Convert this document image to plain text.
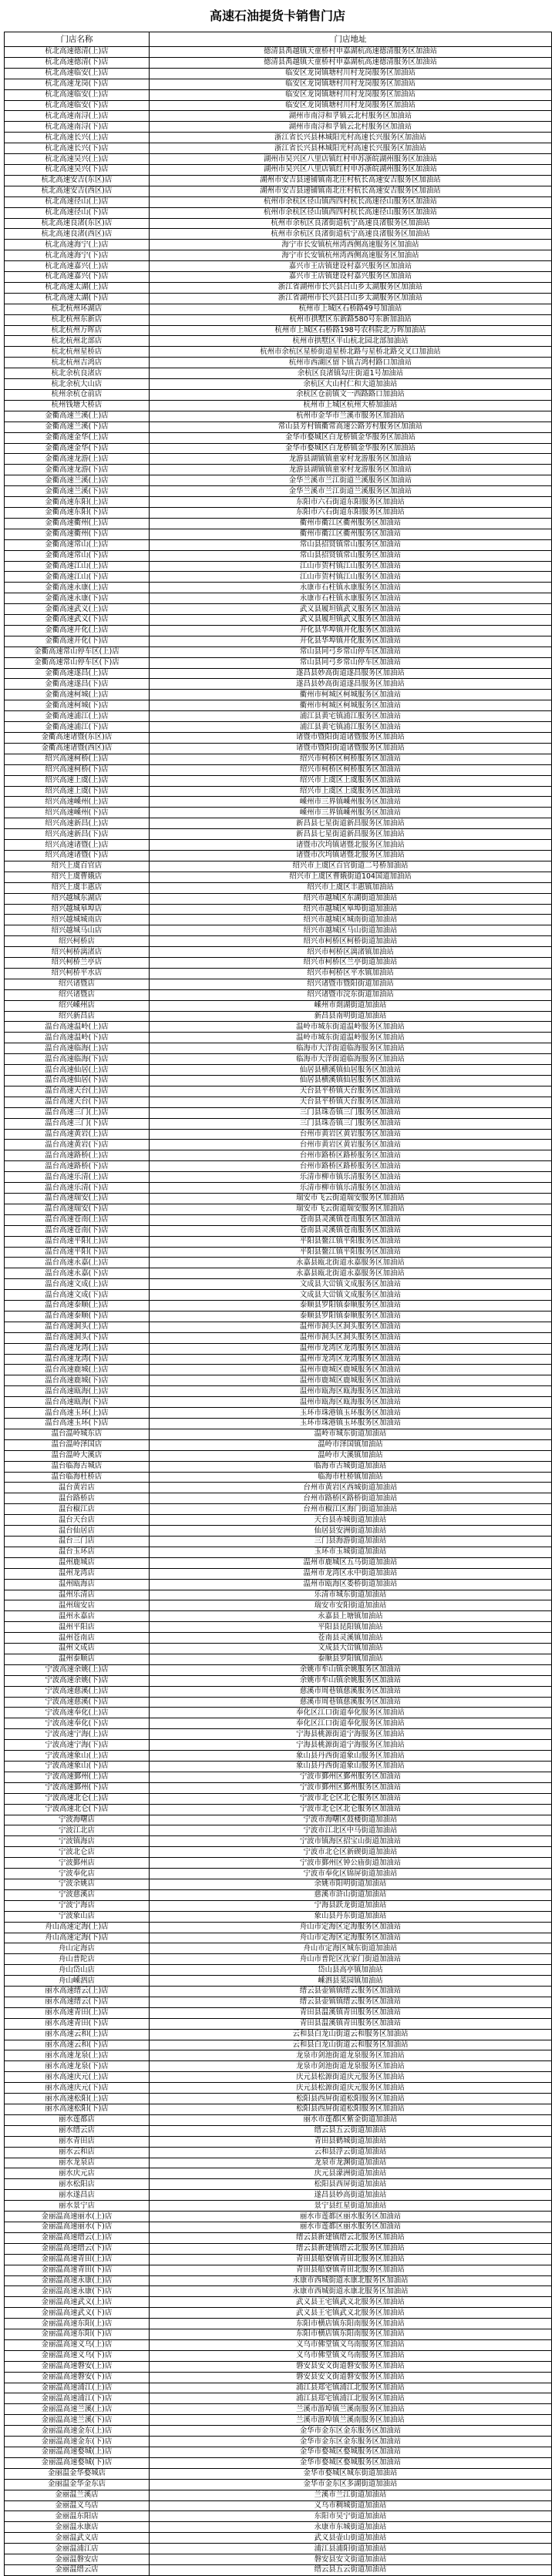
高速石油提货卡销售门店
门店名称	门店地址
杭北高速德清(上)店	德清县禹越镇天童桥村申嘉湖杭高速德清服务区加油站
杭北高速德清(下)店	德清县禹越镇天童桥村申嘉湖杭高速德清服务区加油站
杭北高速临安(上)店	临安区龙岗镇塘村川村龙岗服务区加油站
杭北高速龙岗(下)店	临安区龙岗镇塘村川村龙岗服务区加油站
杭北高速临安(上)店	临安区龙岗镇塘村川村龙岗服务区加油站
杭北高速临安(下)店	临安区龙岗镇塘村川村龙岗服务区加油站
杭北高速南浔(上)店	湖州市南浔和孚镇云北村服务区加油站
杭北高速南浔(下)店	湖州市南浔和孚镇云北村服务区加油站
杭北高速长兴(上)店	浙江省长兴县林城阳光村高速长兴服务区加油站
杭北高速长兴(下)店	浙江省长兴县林城阳光村高速长兴服务区加油站
杭北高速吴兴(上)店	湖州市吴兴区八里店镇红村申苏浙皖湖州服务区加油站
杭北高速吴兴(下)店	湖州市吴兴区八里店镇红村申苏浙皖湖州服务区加油站
杭北高速安吉(东区)店	湖州市安吉县递铺镇南北庄村杭长高速安吉服务区加油站
杭北高速安吉(西区)店	湖州市安吉县递铺镇南北庄村杭长高速安吉服务区加油站
杭北高速径山(上)店	杭州市余杭区径山镇西四村杭长高速径山服务区加油站
杭北高速径山(下)店	杭州市余杭区径山镇西四村杭长高速径山服务区加油站
杭北高速良渚(东区)店	杭州市余杭区良渚街道杭宁高速良渚服务区加油站
杭北高速良渚(西区)店	杭州市余杭区良渚街道杭宁高速良渚服务区加油站
杭北高速海宁(上)店	海宁市长安镇杭州湾西侧高速服务区加油站
杭北高速海宁(下)店	海宁市长安镇杭州湾西侧高速服务区加油站
杭北高速嘉兴(上)店	嘉兴市王店镇建设村嘉兴服务区加油站
杭北高速嘉兴(下)店	嘉兴市王店镇建设村嘉兴服务区加油站
杭北高速太湖(上)店	浙江省湖州市长兴县吕山乡太湖服务区加油站
杭北高速太湖(下)店	浙江省湖州市长兴县吕山乡太湖服务区加油站
杭北杭州环湖店	杭州市上城区石桥路49号加油站
杭北杭州东新店	杭州市拱墅区东新路580号东新加油站
杭北杭州万晖店	杭州市上城区石桥路198号农科院北万晖加油站
杭北杭州北部店	杭州市拱墅区半山杭北园北部加油站
杭北杭州星桥店	杭州市余杭区星桥街道星桥北路与星桥北路交叉口加油站
杭北杭州吉鸿店	杭州市西湖区留下镇吉鸿村路口加油站
杭北余杭良渚店	余杭区良渚镇勾庄街道1号加油站
杭北余杭大山店	余杭区大山村仁和大道加油站
杭州余杭仓前店	余杭区仓前镇文一西路路口加油站
杭州钱塘大桥店	杭州市上城区杭州大桥加油站
金衢高速兰溪(上)店	杭州市金华市兰溪市服务区加油站
金衢高速兰溪(下)店	常山县芳村镇衢常高速公路芳村服务区加油站
金衢高速金华(上)店	金华市婺城区白龙桥镇金华服务区加油站
金衢高速金华(下)店	金华市婺城区白龙桥镇金华服务区加油站
金衢高速龙游(上)店	龙游县湖镇镇童家村龙游服务区加油站
金衢高速龙游(下)店	龙游县湖镇镇童家村龙游服务区加油站
金衢高速兰溪(上)店	金华兰溪市兰江街道兰溪服务区加油站
金衢高速兰溪(下)店	金华兰溪市兰江街道兰溪服务区加油站
金衢高速东阳(上)店	东阳市六石街道东阳服务区加油站
金衢高速东阳(下)店	东阳市六石街道东阳服务区加油站
金衢高速衢州(上)店	衢州市衢江区衢州服务区加油站
金衢高速衢州(下)店	衢州市衢江区衢州服务区加油站
金衢高速常山(上)店	常山县招贤镇常山服务区加油站
金衢高速常山(下)店	常山县招贤镇常山服务区加油站
金衢高速江山(上)店	江山市贺村镇江山服务区加油站
金衢高速江山(下)店	江山市贺村镇江山服务区加油站
金衢高速永康(上)店	永康市石柱镇永康服务区加油站
金衢高速永康(下)店	永康市石柱镇永康服务区加油站
金衢高速武义(上)店	武义县履坦镇武义服务区加油站
金衢高速武义(下)店	武义县履坦镇武义服务区加油站
金衢高速开化(上)店	开化县华埠镇开化服务区加油站
金衢高速开化(下)店	开化县华埠镇开化服务区加油站
金衢高速常山停车区(上)店	常山县同弓乡常山停车区加油站
金衢高速常山停车区(下)店	常山县同弓乡常山停车区加油站
金衢高速遂昌(上)店	遂昌县妙高街道遂昌服务区加油站
金衢高速遂昌(下)店	遂昌县妙高街道遂昌服务区加油站
金衢高速柯城(上)店	衢州市柯城区柯城服务区加油站
金衢高速柯城(下)店	衢州市柯城区柯城服务区加油站
金衢高速浦江(上)店	浦江县黄宅镇浦江服务区加油站
金衢高速浦江(下)店	浦江县黄宅镇浦江服务区加油站
金衢高速诸暨(东区)店	诸暨市暨阳街道诸暨服务区加油站
金衢高速诸暨(西区)店	诸暨市暨阳街道诸暨服务区加油站
绍兴高速柯桥(上)店	绍兴市柯桥区柯桥服务区加油站
绍兴高速柯桥(下)店	绍兴市柯桥区柯桥服务区加油站
绍兴高速上虞(上)店	绍兴市上虞区上虞服务区加油站
绍兴高速上虞(下)店	绍兴市上虞区上虞服务区加油站
绍兴高速嵊州(上)店	嵊州市三界镇嵊州服务区加油站
绍兴高速嵊州(下)店	嵊州市三界镇嵊州服务区加油站
绍兴高速新昌(上)店	新昌县七星街道新昌服务区加油站
绍兴高速新昌(下)店	新昌县七星街道新昌服务区加油站
绍兴高速诸暨(上)店	诸暨市次坞镇诸暨北服务区加油站
绍兴高速诸暨(下)店	诸暨市次坞镇诸暨北服务区加油站
绍兴上虞百官店	绍兴市上虞区百官街道二号桥加油站
绍兴上虞曹娥店	绍兴市上虞区曹娥街道104国道加油站
绍兴上虞丰惠店	绍兴市上虞区丰惠镇加油站
绍兴越城东湖店	绍兴市越城区东湖街道加油站
绍兴越城皋埠店	绍兴市越城区皋埠街道加油站
绍兴越城城南店	绍兴市越城区城南街道加油站
绍兴越城马山店	绍兴市越城区马山街道加油站
绍兴柯桥店	绍兴市柯桥区柯桥街道加油站
绍兴柯桥漓渚店	绍兴市柯桥区漓渚镇加油站
绍兴柯桥兰亭店	绍兴市柯桥区兰亭街道加油站
绍兴柯桥平水店	绍兴市柯桥区平水镇加油站
绍兴诸暨店	绍兴诸暨市暨阳街道加油站
绍兴诸暨店	绍兴诸暨市浣东街道加油站
绍兴嵊州店	嵊州市剡湖街道加油站
绍兴新昌店	新昌县南明街道加油站
温台高速温岭(上)店	温岭市城东街道温岭服务区加油站
温台高速温岭(下)店	温岭市城东街道温岭服务区加油站
温台高速临海(上)店	临海市大洋街道临海服务区加油站
温台高速临海(下)店	临海市大洋街道临海服务区加油站
温台高速仙居(上)店	仙居县横溪镇仙居服务区加油站
温台高速仙居(下)店	仙居县横溪镇仙居服务区加油站
温台高速天台(上)店	天台县平桥镇天台服务区加油站
温台高速天台(下)店	天台县平桥镇天台服务区加油站
温台高速三门(上)店	三门县珠岙镇三门服务区加油站
温台高速三门(下)店	三门县珠岙镇三门服务区加油站
温台高速黄岩(上)店	台州市黄岩区黄岩服务区加油站
温台高速黄岩(下)店	台州市黄岩区黄岩服务区加油站
温台高速路桥(上)店	台州市路桥区路桥服务区加油站
温台高速路桥(下)店	台州市路桥区路桥服务区加油站
温台高速乐清(上)店	乐清市柳市镇乐清服务区加油站
温台高速乐清(下)店	乐清市柳市镇乐清服务区加油站
温台高速瑞安(上)店	瑞安市飞云街道瑞安服务区加油站
温台高速瑞安(下)店	瑞安市飞云街道瑞安服务区加油站
温台高速苍南(上)店	苍南县灵溪镇苍南服务区加油站
温台高速苍南(下)店	苍南县灵溪镇苍南服务区加油站
温台高速平阳(上)店	平阳县鳌江镇平阳服务区加油站
温台高速平阳(下)店	平阳县鳌江镇平阳服务区加油站
温台高速永嘉(上)店	永嘉县瓯北街道永嘉服务区加油站
温台高速永嘉(下)店	永嘉县瓯北街道永嘉服务区加油站
温台高速文成(上)店	文成县大峃镇文成服务区加油站
温台高速文成(下)店	文成县大峃镇文成服务区加油站
温台高速泰顺(上)店	泰顺县罗阳镇泰顺服务区加油站
温台高速泰顺(下)店	泰顺县罗阳镇泰顺服务区加油站
温台高速洞头(上)店	温州市洞头区洞头服务区加油站
温台高速洞头(下)店	温州市洞头区洞头服务区加油站
温台高速龙湾(上)店	温州市龙湾区龙湾服务区加油站
温台高速龙湾(下)店	温州市龙湾区龙湾服务区加油站
温台高速鹿城(上)店	温州市鹿城区鹿城服务区加油站
温台高速鹿城(下)店	温州市鹿城区鹿城服务区加油站
温台高速瓯海(上)店	温州市瓯海区瓯海服务区加油站
温台高速瓯海(下)店	温州市瓯海区瓯海服务区加油站
温台高速玉环(上)店	玉环市珠港镇玉环服务区加油站
温台高速玉环(下)店	玉环市珠港镇玉环服务区加油站
温台温岭城东店	温岭市城东街道加油站
温台温岭泽国店	温岭市泽国镇加油站
温台温岭大溪店	温岭市大溪镇加油站
温台临海古城店	临海市古城街道加油站
温台临海杜桥店	临海市杜桥镇加油站
温台黄岩店	台州市黄岩区西城街道加油站
温台路桥店	台州市路桥区路桥街道加油站
温台椒江店	台州市椒江区海门街道加油站
温台天台店	天台县赤城街道加油站
温台仙居店	仙居县安洲街道加油站
温台三门店	三门县海游街道加油站
温台玉环店	玉环市玉城街道加油站
温州鹿城店	温州市鹿城区五马街道加油站
温州龙湾店	温州市龙湾区永中街道加油站
温州瓯海店	温州市瓯海区娄桥街道加油站
温州乐清店	乐清市城东街道加油站
温州瑞安店	瑞安市安阳街道加油站
温州永嘉店	永嘉县上塘镇加油站
温州平阳店	平阳县昆阳镇加油站
温州苍南店	苍南县灵溪镇加油站
温州文成店	文成县大峃镇加油站
温州泰顺店	泰顺县罗阳镇加油站
宁波高速余姚(上)店	余姚市牟山镇余姚服务区加油站
宁波高速余姚(下)店	余姚市牟山镇余姚服务区加油站
宁波高速慈溪(上)店	慈溪市周巷镇慈溪服务区加油站
宁波高速慈溪(下)店	慈溪市周巷镇慈溪服务区加油站
宁波高速奉化(上)店	奉化区江口街道奉化服务区加油站
宁波高速奉化(下)店	奉化区江口街道奉化服务区加油站
宁波高速宁海(上)店	宁海县桃源街道宁海服务区加油站
宁波高速宁海(下)店	宁海县桃源街道宁海服务区加油站
宁波高速象山(上)店	象山县丹西街道象山服务区加油站
宁波高速象山(下)店	象山县丹西街道象山服务区加油站
宁波高速鄞州(上)店	宁波市鄞州区鄞州服务区加油站
宁波高速鄞州(下)店	宁波市鄞州区鄞州服务区加油站
宁波高速北仑(上)店	宁波市北仑区北仑服务区加油站
宁波高速北仑(下)店	宁波市北仑区北仑服务区加油站
宁波海曙店	宁波市海曙区鼓楼街道加油站
宁波江北店	宁波市江北区中马街道加油站
宁波镇海店	宁波市镇海区招宝山街道加油站
宁波北仑店	宁波市北仑区新碶街道加油站
宁波鄞州店	宁波市鄞州区钟公庙街道加油站
宁波奉化店	宁波市奉化区锦屏街道加油站
宁波余姚店	余姚市阳明街道加油站
宁波慈溪店	慈溪市浒山街道加油站
宁波宁海店	宁海县跃龙街道加油站
宁波象山店	象山县丹东街道加油站
舟山高速定海(上)店	舟山市定海区定海服务区加油站
舟山高速定海(下)店	舟山市定海区定海服务区加油站
舟山定海店	舟山市定海区城东街道加油站
舟山普陀店	舟山市普陀区沈家门街道加油站
舟山岱山店	岱山县高亭镇加油站
舟山嵊泗店	嵊泗县菜园镇加油站
丽水高速缙云(上)店	缙云县壶镇镇缙云服务区加油站
丽水高速缙云(下)店	缙云县壶镇镇缙云服务区加油站
丽水高速青田(上)店	青田县温溪镇青田服务区加油站
丽水高速青田(下)店	青田县温溪镇青田服务区加油站
丽水高速云和(上)店	云和县白龙山街道云和服务区加油站
丽水高速云和(下)店	云和县白龙山街道云和服务区加油站
丽水高速龙泉(上)店	龙泉市剑池街道龙泉服务区加油站
丽水高速龙泉(下)店	龙泉市剑池街道龙泉服务区加油站
丽水高速庆元(上)店	庆元县松源街道庆元服务区加油站
丽水高速庆元(下)店	庆元县松源街道庆元服务区加油站
丽水高速松阳(上)店	松阳县西屏街道松阳服务区加油站
丽水高速松阳(下)店	松阳县西屏街道松阳服务区加油站
丽水莲都店	丽水市莲都区紫金街道加油站
丽水缙云店	缙云县五云街道加油站
丽水青田店	青田县鹤城街道加油站
丽水云和店	云和县浮云街道加油站
丽水龙泉店	龙泉市龙渊街道加油站
丽水庆元店	庆元县濛洲街道加油站
丽水松阳店	松阳县西屏街道加油站
丽水遂昌店	遂昌县妙高街道加油站
丽水景宁店	景宁县红星街道加油站
金丽温高速丽水(上)店	丽水市莲都区丽水服务区加油站
金丽温高速丽水(下)店	丽水市莲都区丽水服务区加油站
金丽温高速缙云(上)店	缙云县新建镇缙云北服务区加油站
金丽温高速缙云(下)店	缙云县新建镇缙云北服务区加油站
金丽温高速青田(上)店	青田县船寮镇青田北服务区加油站
金丽温高速青田(下)店	青田县船寮镇青田北服务区加油站
金丽温高速永康(上)店	永康市西城街道永康北服务区加油站
金丽温高速永康(下)店	永康市西城街道永康北服务区加油站
金丽温高速武义(上)店	武义县王宅镇武义北服务区加油站
金丽温高速武义(下)店	武义县王宅镇武义北服务区加油站
金丽温高速东阳(上)店	东阳市横店镇东阳南服务区加油站
金丽温高速东阳(下)店	东阳市横店镇东阳南服务区加油站
金丽温高速义乌(上)店	义乌市佛堂镇义乌南服务区加油站
金丽温高速义乌(下)店	义乌市佛堂镇义乌南服务区加油站
金丽温高速磐安(上)店	磐安县安文街道磐安服务区加油站
金丽温高速磐安(下)店	磐安县安文街道磐安服务区加油站
金丽温高速浦江(上)店	浦江县郑宅镇浦江北服务区加油站
金丽温高速浦江(下)店	浦江县郑宅镇浦江北服务区加油站
金丽温高速兰溪(上)店	兰溪市游埠镇兰溪南服务区加油站
金丽温高速兰溪(下)店	兰溪市游埠镇兰溪南服务区加油站
金丽温高速金东(上)店	金华市金东区金东服务区加油站
金丽温高速金东(下)店	金华市金东区金东服务区加油站
金丽温高速婺城(上)店	金华市婺城区婺城服务区加油站
金丽温高速婺城(下)店	金华市婺城区婺城服务区加油站
金丽温金华婺城店	金华市婺城区城东街道加油站
金丽温金华金东店	金华市金东区多湖街道加油站
金丽温兰溪店	兰溪市兰江街道加油站
金丽温义乌店	义乌市稠城街道加油站
金丽温东阳店	东阳市吴宁街道加油站
金丽温永康店	永康市东城街道加油站
金丽温武义店	武义县壶山街道加油站
金丽温浦江店	浦江县浦阳街道加油站
金丽温磐安店	磐安县安文街道加油站
金丽温缙云店	缙云县五云街道加油站
